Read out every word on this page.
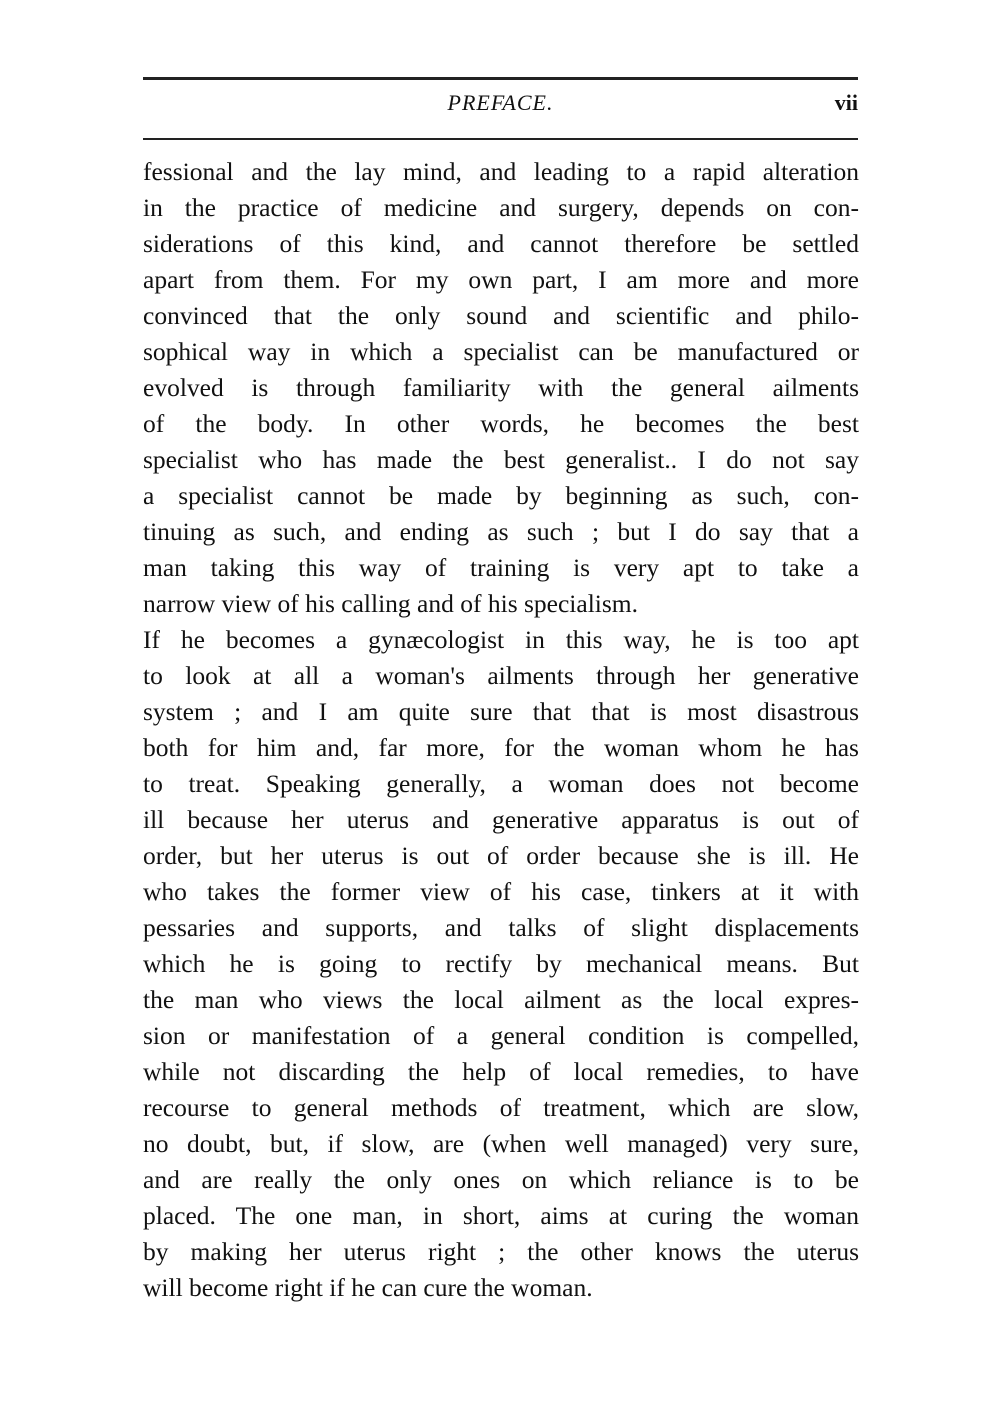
PREFACE.	vii
fessional and the lay mind, and leading to a rapid alteration
in the practice of medicine and surgery, depends on con-
siderations of this kind, and cannot therefore be settled
apart from them. For my own part, I am more and more
convinced that the only sound and scientific and philo-
sophical way in which a specialist can be manufactured or
evolved is through familiarity with the general ailments
of the body. In other words, he becomes the best
specialist who has made the best generalist.. I do not say
a specialist cannot be made by beginning as such, con-
tinuing as such, and ending as such ; but I do say that a
man taking this way of training is very apt to take a
narrow view of his calling and of his specialism.
If he becomes a gynæcologist in this way, he is too apt
to look at all a woman's ailments through her generative
system ; and I am quite sure that that is most disastrous
both for him and, far more, for the woman whom he has
to treat. Speaking generally, a woman does not become
ill because her uterus and generative apparatus is out of
order, but her uterus is out of order because she is ill. He
who takes the former view of his case, tinkers at it with
pessaries and supports, and talks of slight displacements
which he is going to rectify by mechanical means. But
the man who views the local ailment as the local expres-
sion or manifestation of a general condition is compelled,
while not discarding the help of local remedies, to have
recourse to general methods of treatment, which are slow,
no doubt, but, if slow, are (when well managed) very sure,
and are really the only ones on which reliance is to be
placed. The one man, in short, aims at curing the woman
by making her uterus right ; the other knows the uterus
will become right if he can cure the woman.
